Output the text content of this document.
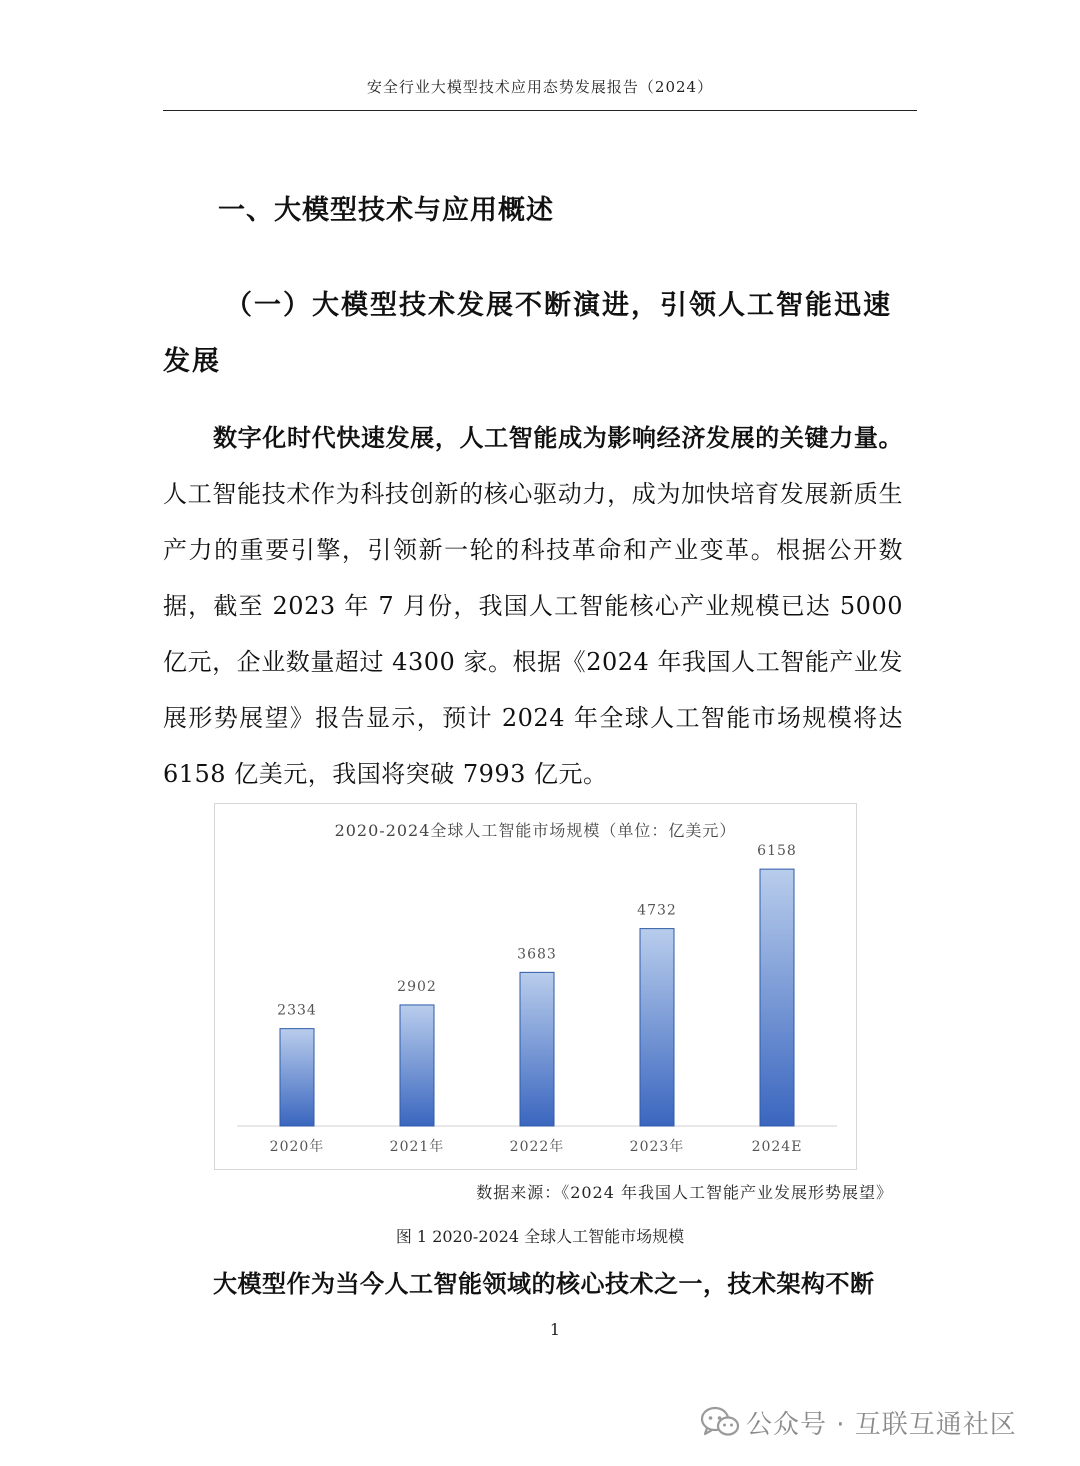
安全行业大模型技术应用态势发展报告（2024）
一、大模型技术与应用概述
（一）大模型技术发展不断演进，引领人工智能迅速发展
数字化时代快速发展，人工智能成为影响经济发展的关键力量。人工智能技术作为科技创新的核心驱动力，成为加快培育发展新质生产力的重要引擎，引领新一轮的科技革命和产业变革。根据公开数据，截至 2023 年 7 月份，我国人工智能核心产业规模已达 5000 亿元，企业数量超过 4300 家。根据《2024 年我国人工智能产业发展形势展望》报告显示，预计 2024 年全球人工智能市场规模将达 6158 亿美元，我国将突破 7993 亿元。
2020-2024全球人工智能市场规模（单位：亿美元）
2334
2020年
2902
2021年
3683
2022年
4732
2023年
6158
2024E
数据来源：《2024 年我国人工智能产业发展形势展望》
图 1 2020-2024 全球人工智能市场规模
大模型作为当今人工智能领域的核心技术之一，技术架构不断
1
公众号 · 互联互通社区
